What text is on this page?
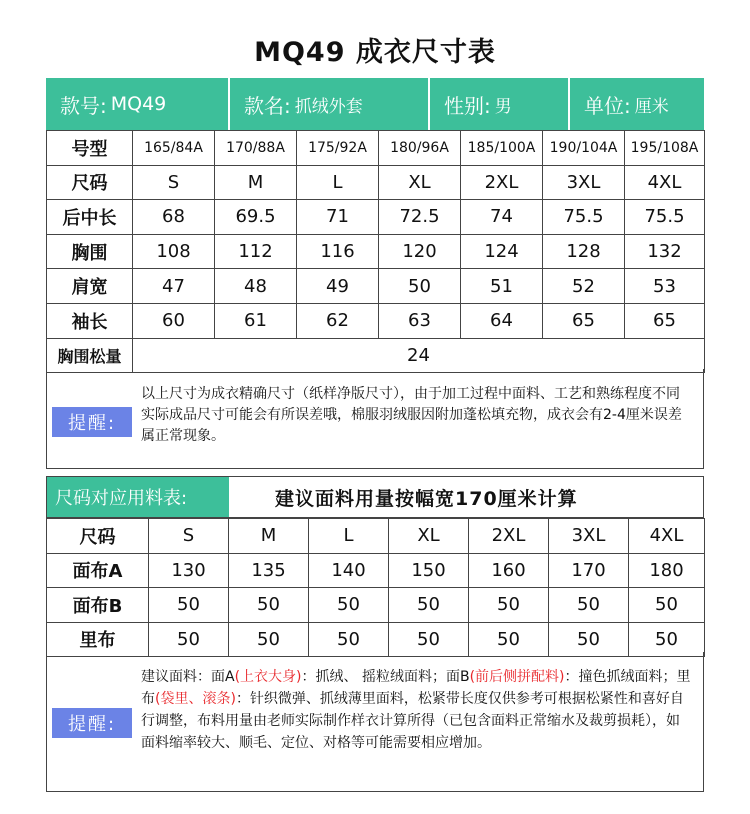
MQ49 成衣尺寸表
款号: MQ49	款名: 抓绒外套	性别: 男	单位: 厘米
号型	165/84A	170/88A	175/92A	180/96A	185/100A	190/104A	195/108A
尺码	S	M	L	XL	2XL	3XL	4XL
后中长	68	69.5	71	72.5	74	75.5	75.5
胸围	108	112	116	120	124	128	132
肩宽	47	48	49	50	51	52	53
袖长	60	61	62	63	64	65	65
胸围松量	24						
提醒:
以上尺寸为成衣精确尺寸（纸样净版尺寸），由于加工过程中面料、工艺和熟练程度不同实际成品尺寸可能会有所误差哦，棉服羽绒服因附加蓬松填充物，成衣会有2-4厘米误差属正常现象。
尺码对应用料表:	建议面料用量按幅宽170厘米计算
尺码	S	M	L	XL	2XL	3XL	4XL
面布A	130	135	140	150	160	170	180
面布B	50	50	50	50	50	50	50
里布	50	50	50	50	50	50	50
提醒:
建议面料：面A(上衣大身)：抓绒、 摇粒绒面料；面B(前后侧拼配料)：撞色抓绒面料；里布(袋里、滚条)：针织微弹、抓绒薄里面料，松紧带长度仅供参考可根据松紧性和喜好自行调整，布料用量由老师实际制作样衣计算所得（已包含面料正常缩水及裁剪损耗），如面料缩率较大、顺毛、定位、对格等可能需要相应增加。
